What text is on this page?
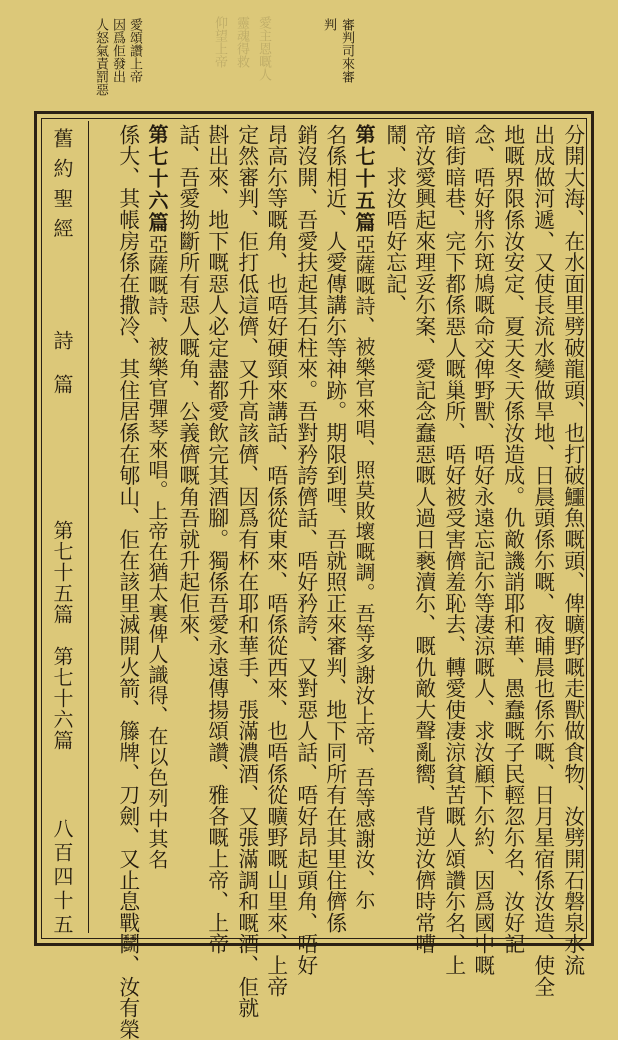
審判司來審
判
愛頌讚上帝
因爲佢發出
人怒氣責罰惡	愛主恩嘅人
靈魂得救
仰望上帝
舊約聖經
詩篇
第七十五篇　第七十六篇
八百四十五	分開大海、在水面里劈破龍頭、也打破鱷魚嘅頭、俾曠野嘅走獸做食物、汝劈開石磐泉水流
出成做河遞、又使長流水變做旱地、日晨頭係尓嘅、夜晡晨也係尓嘅、日月星宿係汝造、使全
地嘅界限係汝安定、夏天冬天係汝造成。仇敵譏誚耶和華、愚蠢嘅子民輕忽尓名、汝好記
念、唔好將尓斑鳩嘅命交俾野獸、唔好永遠忘記尓等凄涼嘅人、求汝顧下尓約、因爲國中嘅
暗街暗巷、完下都係惡人嘅巢所、唔好被受害儕羞恥去、轉愛使凄涼貧苦嘅人頌讚尓名、上
帝汝愛興起來理妥尓案、愛記念蠢惡嘅人過日褻瀆尓、嘅仇敵大聲亂嚮、背逆汝儕時常嘈
鬧、求汝唔好忘記、
第七十五篇亞薩嘅詩、被樂官來唱、照莫敗壞嘅調。吾等多謝汝上帝、吾等感謝汝、尓
名係相近、人愛傳講尓等神跡。期限到哩、吾就照正來審判、地下同所有在其里住儕係
銷沒開、吾愛扶起其石柱來。吾對矜誇儕話、唔好矜誇、又對惡人話、唔好昂起頭角、唔好
昂高尓等嘅角、也唔好硬頸來講話、唔係從東來、唔係從西來、也唔係從曠野嘅山里來、上帝
定然審判、佢打低這儕、又升高該儕、因爲有杯在耶和華手、張滿濃酒、又張滿調和嘅酒、佢就
斟出來、地下嘅惡人必定盡都愛飲完其酒腳。獨係吾愛永遠傳揚頌讚、雅各嘅上帝、上帝
話、吾愛拗斷所有惡人嘅角、公義儕嘅角吾就升起佢來、
第七十六篇亞薩嘅詩、被樂官彈琴來唱。上帝在猶太裏俾人識得、在以色列中其名
係大、其帳房係在撒冷、其住居係在郇山、佢在該里滅開火箭、籐牌、刀劍、又止息戰鬭、汝有榮
